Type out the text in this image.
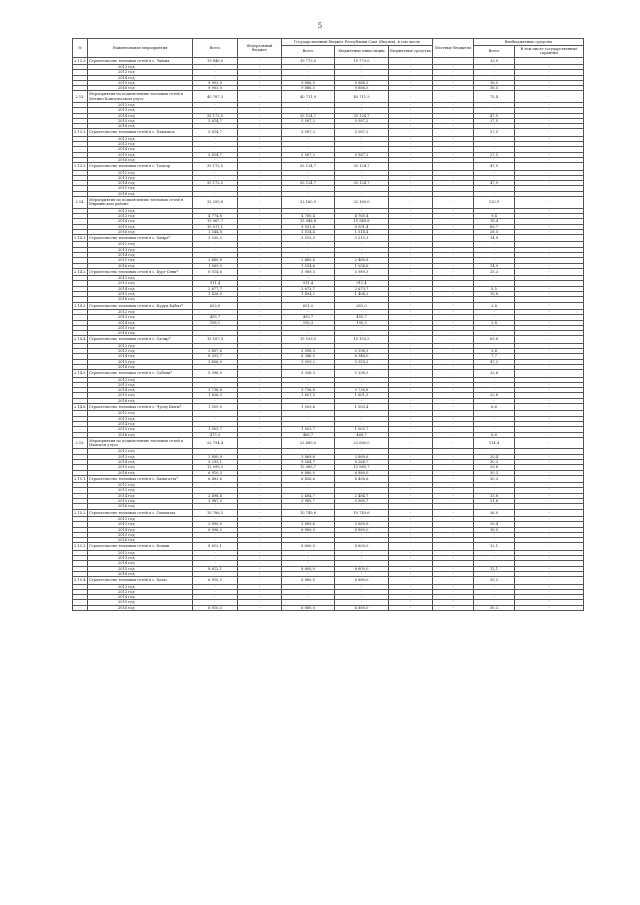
5
№	Наименование мероприятия	Всего	Федеральный бюджет	Государственный бюджет Республики Саха (Якутия), в том числе			Местные бюджеты	Внебюджетные средства	
				Всего	Бюджетные инвестиции	Бюджетные средства		Всего	В том числе государственные гарантии
2.13.3.	Строительство тепловых сетей в с. Чычых	19 846,0	-	19 773,0	19 773,0	-	-	33,0	-
	2012 год	-	-	-	-	-	-	-	-
	2013 год	-	-	-	-	-	-	-	-
	2014 год	-	-	-	-	-	-	-	-
	2015 год	9 903,0	-	9 886,5	9 886,5	-	-	16,5	-
	2016 год	9 903,0	-	9 886,5	9 886,5	-	-	16,5	-
2.13.	Мероприятия по подключению тепловых сетей в Мегино-Кангаласском улусе	40 787,3	-	40 711,9	40 711,9	-	-	75,4	-
	2012 год	-	-	-	-	-	-	-	-
	2013 год	-	-	-	-	-	-	-	-
	2014 год	35 172,5	-	35 124,7	35 124,7	-	-	47,9	-
	2015 год	5 614,7	-	5 587,2	5 587,2	-	-	27,5	-
	2016 год	-	-	-	-	-	-	-	-
2.13.1.	Строительство тепловых сетей в с. Павловск	5 614,7	-	5 587,2	5 587,2	-	-	27,5	-
	2012 год	-	-	-	-	-	-	-	-
	2013 год	-	-	-	-	-	-	-	-
	2014 год	-	-	-	-	-	-	-	-
	2015 год	5 614,7	-	5 587,2	5 587,2	-	-	27,5	-
	2016 год	-	-	-	-	-	-	-	-
2.13.2.	Строительство тепловых сетей в с. Томтор	35 172,5	-	35 124,7	35 124,7	-	-	47,9	-
	2012 год	-	-	-	-	-	-	-	-
	2013 год	-	-	-	-	-	-	-	-
	2014 год	35 172,5	-	35 124,7	35 124,7	-	-	47,9	-
	2015 год	-	-	-	-	-	-	-	-
	2016 год	-	-	-	-	-	-	-	-
2.14.	Мероприятия по подключению тепловых сетей в Мирнинском районе	32 295,8	-	32 160,0	32 160,0	-	-	135,9	-
	2012 год	-	-	-	-	-	-	-	-
	2013 год	4 774,8	-	4 765,4	4 765,4	-	-	9,4	-
	2014 год	15 967,7	-	15 948,8	15 948,8	-	-	18,4	-
	2015 год	10 011,1	-	9 931,4	9 931,4	-	-	69,7	-
	2016 год	1 544,8	-	1 514,4	1 514,4	-	-	28,5	-
2.14.1.	Строительство тепловых сетей в с. Хамра*	3 530,3	-	3 515,3	3 515,3	-	-	14,9	-
	2012 год	-	-	-	-	-	-	-	-
	2013 год	-	-	-	-	-	-	-	-
	2014 год	-	-	-	-	-	-	-	-
	2015 год	2 460,8	-	2 460,8	2 460,8	-	-	-	-
	2016 год	1 069,5	-	1 054,6	1 054,6	-	-	14,9	-
2.14.2.	Строительство тепловых сетей в с. Бург-Сяни*	6 014,6	-	5 989,3	5 989,3	-	-	25,3	-
	2012 год	-	-	-	-	-	-	-	-
	2013 год	911,4	-	911,4	911,4	-	-	-	-
	2014 год	2 677,7	-	2 673,7	2 673,7	-	-	5,5	-
	2015 год	1 426,0	-	1 404,2	1 404,2	-	-	19,8	-
	2016 год	-	-	-	-	-	-	-	-
2.14.3.	Строительство тепловых сетей в с. Куруп-Бабыт*	653,8	-	651,0	651,0	-	-	2,8	-
	2012 год	-	-	-	-	-	-	-	-
	2013 год	455,7	-	455,7	455,7	-	-	-	-
	2014 год	198,1	-	195,3	195,3	-	-	2,8	-
	2015 год	-	-	-	-	-	-	-	-
	2016 год	-	-	-	-	-	-	-	-
2.14.4.	Строительство тепловых сетей в с. Сасыр*	15 167,3	-	15 103,5	15 103,5	-	-	63,8	-
	2012 год	-	-	-	-	-	-	-	-
	2013 год	3 407,6	-	3 398,3	3 398,3	-	-	9,4	-
	2014 год	8 353,7	-	8 346,0	8 346,0	-	-	7,7	-
	2015 год	3 406,0	-	3 359,2	3 359,2	-	-	47,3	-
	2016 год	-	-	-	-	-	-	-	-
2.14.5.	Строительство тепловых сетей в с. Сабаяк*	5 396,9	-	5 338,3	5 338,3	-	-	22,6	-
	2012 год	-	-	-	-	-	-	-	-
	2013 год	-	-	-	-	-	-	-	-
	2014 год	3 736,8	-	3 736,8	3 736,8	-	-	-	-
	2015 год	1 626,3	-	1 601,5	1 601,5	-	-	22,6	-
	2016 год	-	-	-	-	-	-	-	-
2.14.6.	Строительство тепловых сетей в с. Чуолу Кыты*	1 509,0	-	1 503,4	1 503,4	-	-	6,6	-
	2012 год	-	-	-	-	-	-	-	-
	2013 год	-	-	-	-	-	-	-	-
	2014 год	-	-	-	-	-	-	-	-
	2015 год	1 003,7	-	1 003,7	1 003,7	-	-	-	-
	2016 год	475,3	-	468,7	468,7	-	-	6,6	-
2.15.	Мероприятия по подключению тепловых сетей в Намском улусе	22 794,4	-	22 680,0	22 680,0	-	-	114,4	-
	2012 год	-	-	-	-	-	-	-	-
	2013 год	3 890,0	-	3 869,6	3 869,6	-	-	20,4	-
	2014 год	9 295,1	-	9 264,7	9 264,7	-	-	30,3	-
	2015 год	12 099,3	-	12 565,7	12 565,7	-	-	29,6	-
	2016 год	6 910,3	-	6 880,0	6 880,0	-	-	30,3	-
2.15.1.	Строительство тепловых сетей в с. Хамагатта*	6 483,6	-	6 456,6	6 456,6	-	-	30,3	-
	2012 год	-	-	-	-	-	-	-	-
	2013 год	-	-	-	-	-	-	-	-
	2014 год	2 498,4	-	2 484,7	2 484,7	-	-	13,8	-
	2015 год	3 987,3	-	3 965,7	3 965,7	-	-	21,6	-
	2016 год	-	-	-	-	-	-	-	-
2.15.2.	Строительство тепловых сетей в с. Сымахтах	10 786,5	-	10 749,6	10 749,6	-	-	36,9	-
	2012 год	-	-	-	-	-	-	-	-
	2013 год	3 890,0	-	3 869,6	3 869,6	-	-	20,4	-
	2014 год	6 896,5	-	6 880,0	6 880,0	-	-	16,5	-
	2015 год	-	-	-	-	-	-	-	-
	2016 год	-	-	-	-	-	-	-	-
2.15.3.	Строительство тепловых сетей в с. Фомин	8 612,1	-	8 600,0	8 600,0	-	-	12,1	-
	2012 год	-	-	-	-	-	-	-	-
	2013 год	-	-	-	-	-	-	-	-
	2014 год	-	-	-	-	-	-	-	-
	2015 год	8 612,1	-	8 600,0	8 600,0	-	-	12,1	-
	2016 год	-	-	-	-	-	-	-	-
2.15.4.	Строительство тепловых сетей в с. Хатас	6 910,3	-	6 880,0	6 880,0	-	-	30,3	-
	2012 год	-	-	-	-	-	-	-	-
	2013 год	-	-	-	-	-	-	-	-
	2014 год	-	-	-	-	-	-	-	-
	2015 год	-	-	-	-	-	-	-	-
	2016 год	6 910,3	-	6 880,0	6 880,0	-	-	30,3	-
